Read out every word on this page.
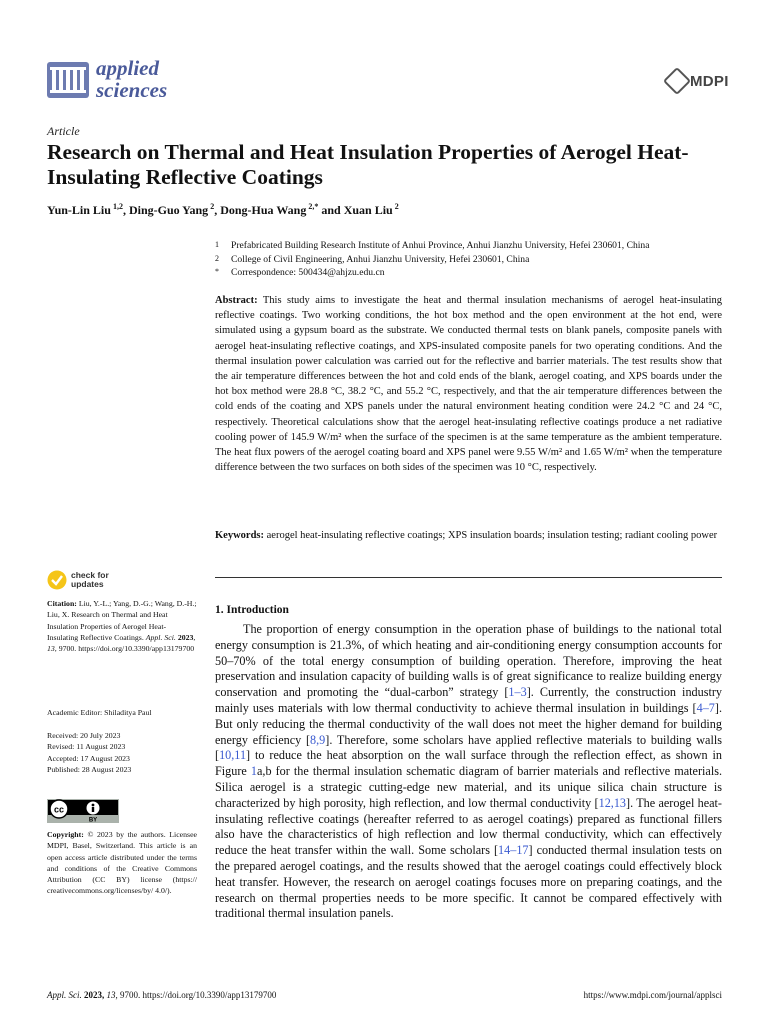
applied
sciences	MDPI
Article
Research on Thermal and Heat Insulation Properties of Aerogel Heat-Insulating Reflective Coatings
Yun-Lin Liu $^{1,2}$, Ding-Guo Yang $^2$, Dong-Hua Wang $^{2,*}$ and Xuan Liu $^2$
1	Prefabricated Building Research Institute of Anhui Province, Anhui Jianzhu University, Hefei 230601, China
2	College of Civil Engineering, Anhui Jianzhu University, Hefei 230601, China
*	Correspondence: 500434@ahjzu.edu.cn
Abstract: This study aims to investigate the heat and thermal insulation mechanisms of aerogel heat-insulating reflective coatings. Two working conditions, the hot box method and the open environment at the hot end, were simulated using a gypsum board as the substrate. We conducted thermal tests on blank panels, composite panels with aerogel heat-insulating reflective coatings, and XPS-insulated composite panels for two operating conditions. And the thermal insulation power calculation was carried out for the reflective and barrier materials. The test results show that the air temperature differences between the hot and cold ends of the blank, aerogel coating, and XPS boards under the hot box method were 28.8 °C, 38.2 °C, and 55.2 °C, respectively, and that the air temperature differences between the cold ends of the coating and XPS panels under the natural environment heating condition were 24.2 °C and 24 °C, respectively. Theoretical calculations show that the aerogel heat-insulating reflective coatings produce a net radiative cooling power of 145.9 W/m² when the surface of the specimen is at the same temperature as the ambient temperature. The heat flux powers of the aerogel coating board and XPS panel were 9.55 W/m² and 1.65 W/m² when the temperature difference between the two surfaces on both sides of the specimen was 10 °C, respectively.
Keywords: aerogel heat-insulating reflective coatings; XPS insulation boards; insulation testing; radiant cooling power
check for
updates
Citation: Liu, Y.-L.; Yang, D.-G.; Wang, D.-H.; Liu, X. Research on Thermal and Heat Insulation Properties of Aerogel Heat-Insulating Reflective Coatings. Appl. Sci. 2023, 13, 9700. https://doi.org/10.3390/app13179700
Academic Editor: Shiladitya Paul
Received: 20 July 2023
Revised: 11 August 2023
Accepted: 17 August 2023
Published: 28 August 2023
cc
BY
Copyright: © 2023 by the authors. Licensee MDPI, Basel, Switzerland. This article is an open access article distributed under the terms and conditions of the Creative Commons Attribution (CC BY) license (https:// creativecommons.org/licenses/by/ 4.0/).
1. Introduction
The proportion of energy consumption in the operation phase of buildings to the national total energy consumption is 21.3%, of which heating and air-conditioning energy consumption accounts for 50–70% of the total energy consumption of building operation. Therefore, improving the heat preservation and insulation capacity of building walls is of great significance to realize building energy conservation and promoting the “dual-carbon” strategy [1–3]. Currently, the construction industry mainly uses materials with low thermal conductivity to achieve thermal insulation in buildings [4–7]. But only reducing the thermal conductivity of the wall does not meet the higher demand for building energy efficiency [8,9]. Therefore, some scholars have applied reflective materials to building walls [10,11] to reduce the heat absorption on the wall surface through the reflection effect, as shown in Figure 1a,b for the thermal insulation schematic diagram of barrier materials and reflective materials. Silica aerogel is a strategic cutting-edge new material, and its unique silica chain structure is characterized by high porosity, high reflection, and low thermal conductivity [12,13]. The aerogel heat-insulating reflective coatings (hereafter referred to as aerogel coatings) prepared as functional fillers also have the characteristics of high reflection and low thermal conductivity, which can effectively reduce the heat transfer within the wall. Some scholars [14–17] conducted thermal insulation tests on the prepared aerogel coatings, and the results showed that the aerogel coatings could effectively block heat transfer. However, the research on aerogel coatings focuses more on preparing coatings, and the research on thermal properties needs to be more specific. It cannot be compared effectively with traditional thermal insulation panels.
Appl. Sci. 2023, 13, 9700. https://doi.org/10.3390/app13179700	https://www.mdpi.com/journal/applsci
